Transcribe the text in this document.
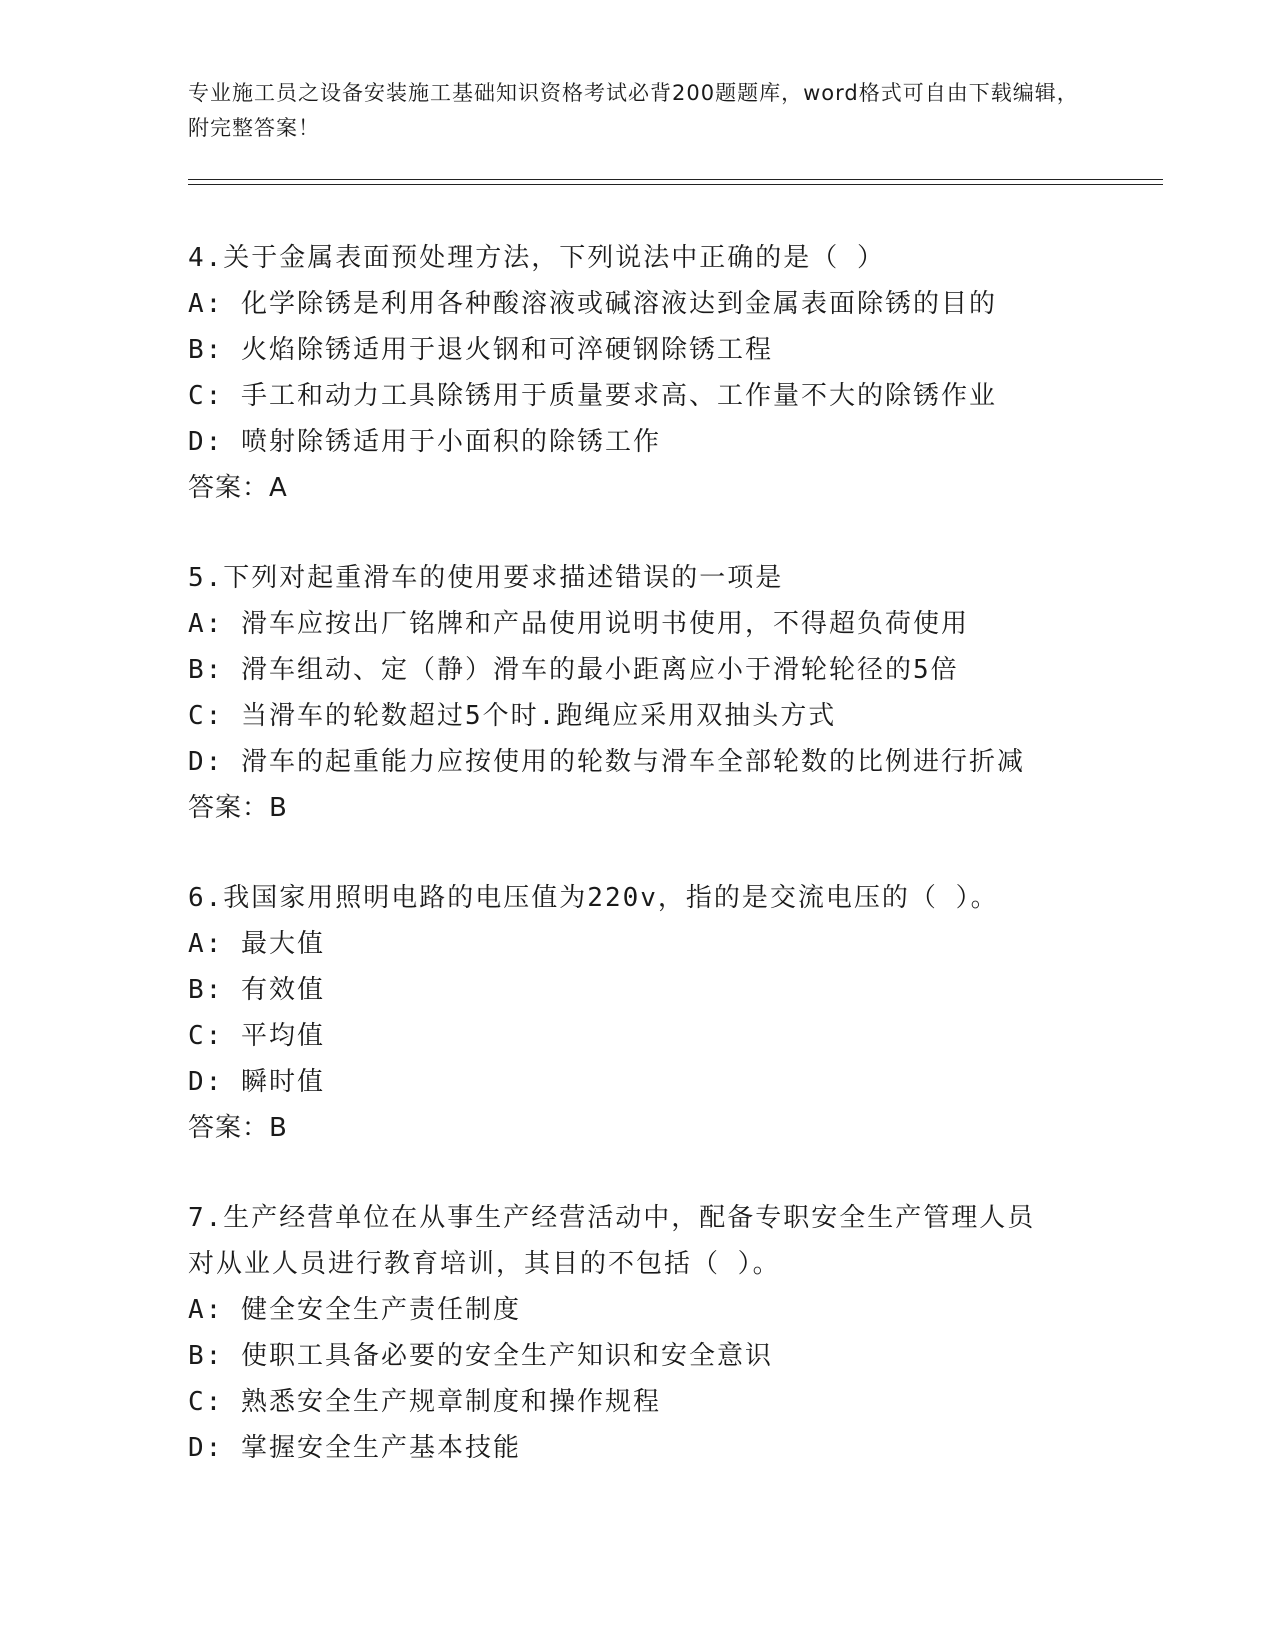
专业施工员之设备安装施工基础知识资格考试必背200题题库，word格式可自由下载编辑，附完整答案！
4.关于金属表面预处理方法，下列说法中正确的是（ ）
A: 化学除锈是利用各种酸溶液或碱溶液达到金属表面除锈的目的
B: 火焰除锈适用于退火钢和可淬硬钢除锈工程
C: 手工和动力工具除锈用于质量要求高、工作量不大的除锈作业
D: 喷射除锈适用于小面积的除锈工作
答案：A
5.下列对起重滑车的使用要求描述错误的一项是
A: 滑车应按出厂铭牌和产品使用说明书使用，不得超负荷使用
B: 滑车组动、定（静）滑车的最小距离应小于滑轮轮径的5倍
C: 当滑车的轮数超过5个时.跑绳应采用双抽头方式
D: 滑车的起重能力应按使用的轮数与滑车全部轮数的比例进行折减
答案：B
6.我国家用照明电路的电压值为220v，指的是交流电压的（ ）。
A: 最大值
B: 有效值
C: 平均值
D: 瞬时值
答案：B
7.生产经营单位在从事生产经营活动中，配备专职安全生产管理人员
对从业人员进行教育培训，其目的不包括（ ）。
A: 健全安全生产责任制度
B: 使职工具备必要的安全生产知识和安全意识
C: 熟悉安全生产规章制度和操作规程
D: 掌握安全生产基本技能
